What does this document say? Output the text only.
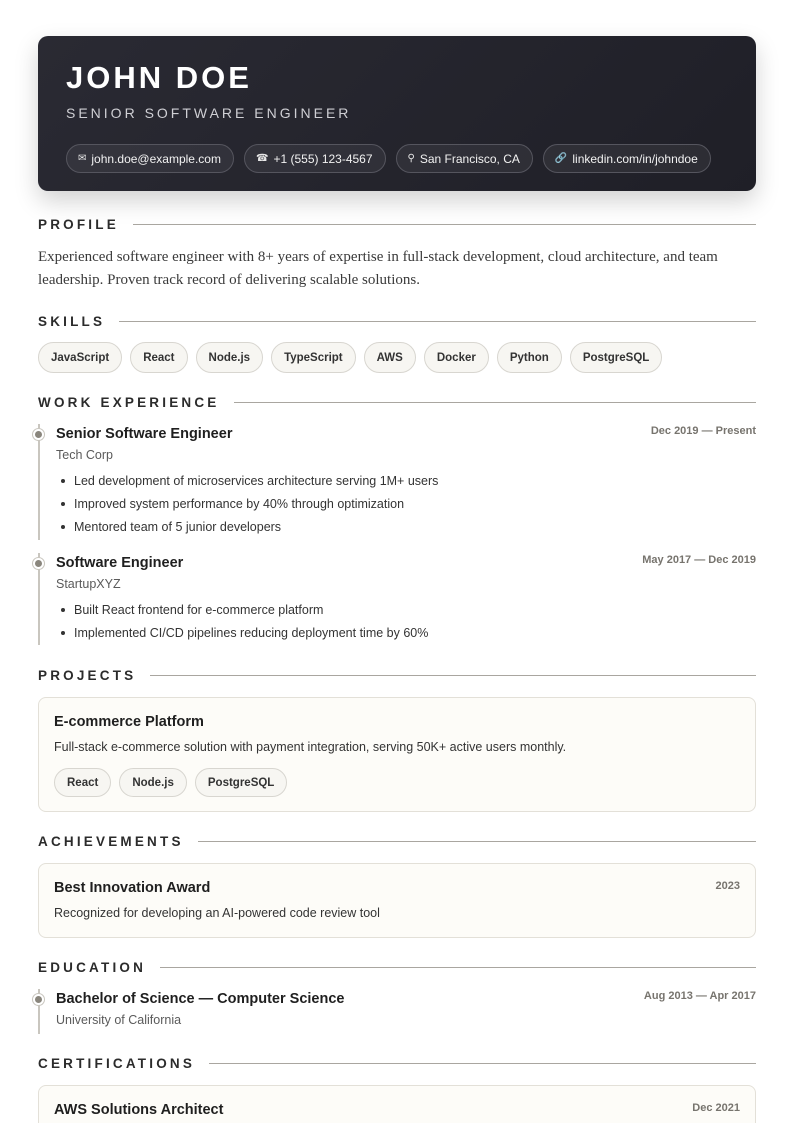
JOHN DOE
SENIOR SOFTWARE ENGINEER
✉ john.doe@example.com	☎ +1 (555) 123-4567	⚲ San Francisco, CA	🔗 linkedin.com/in/johndoe
PROFILE
Experienced software engineer with 8+ years of expertise in full-stack development, cloud architecture, and team leadership. Proven track record of delivering scalable solutions.
SKILLS
JavaScript	React	Node.js	TypeScript	AWS	Docker	Python	PostgreSQL
WORK EXPERIENCE
Senior Software Engineer	Dec 2019 — Present
Tech Corp
Led development of microservices architecture serving 1M+ users
Improved system performance by 40% through optimization
Mentored team of 5 junior developers
Software Engineer	May 2017 — Dec 2019
StartupXYZ
Built React frontend for e-commerce platform
Implemented CI/CD pipelines reducing deployment time by 60%
PROJECTS
E-commerce Platform
Full-stack e-commerce solution with payment integration, serving 50K+ active users monthly.
React	Node.js	PostgreSQL
ACHIEVEMENTS
Best Innovation Award	2023
Recognized for developing an AI-powered code review tool
EDUCATION
Bachelor of Science — Computer Science	Aug 2013 — Apr 2017
University of California
CERTIFICATIONS
AWS Solutions Architect	Dec 2021
